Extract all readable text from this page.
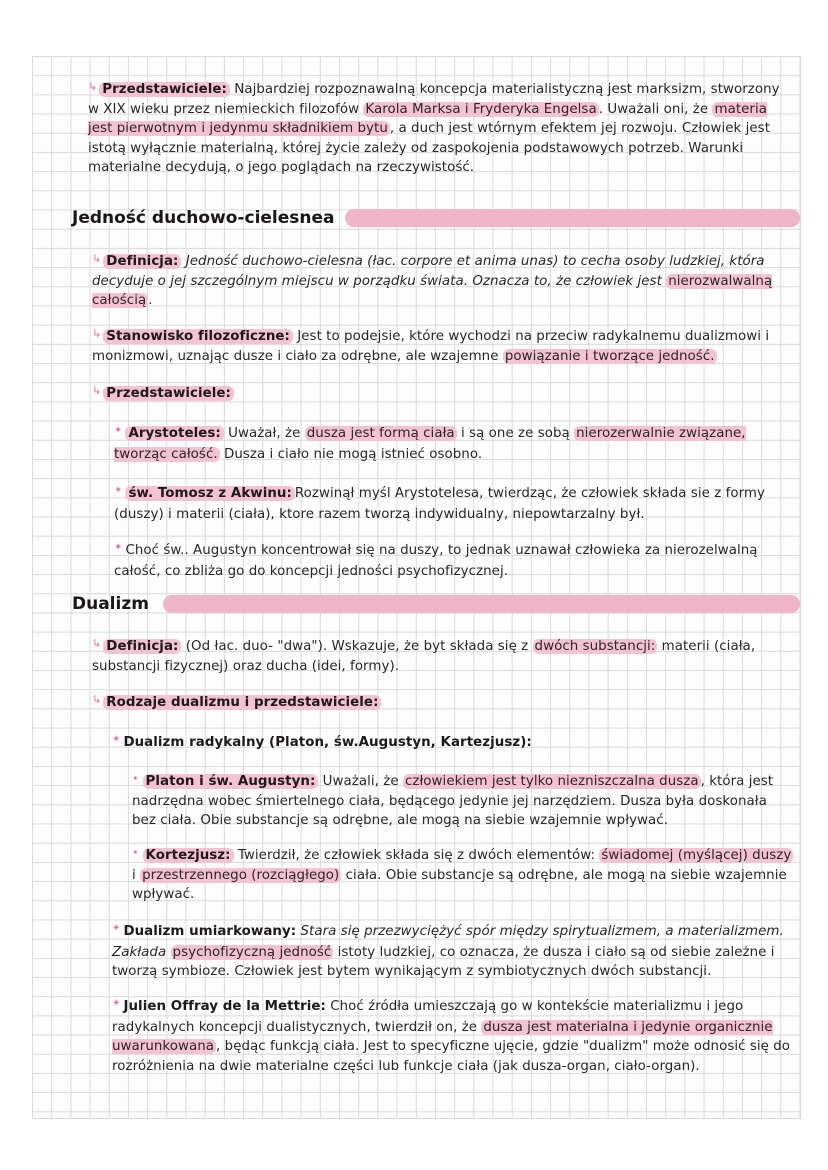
↳ Przedstawiciele: Najbardziej rozpoznawalną koncepcja materialistyczną jest marksizm, stworzony w XIX wieku przez niemieckich filozofów Karola Marksa i Fryderyka Engelsa . Uważali oni, że materia jest pierwotnym i jedynmu składnikiem bytu , a duch jest wtórnym efektem jej rozwoju. Człowiek jest istotą wyłącznie materialną, której życie zależy od zaspokojenia podstawowych potrzeb. Warunki materialne decydują, o jego poglądach na rzeczywistość.

Jedność duchowo-cielesnea

↳ Definicja: Jedność duchowo-cielesna (łac. corpore et anima unas) to cecha osoby ludzkiej, która decyduje o jej szczególnym miejscu w porządku świata. Oznacza to, że człowiek jest nierozwalwalną całością .

↳ Stanowisko filozoficzne: Jest to podejsie, które wychodzi na przeciw radykalnemu dualizmowi i monizmowi, uznając dusze i ciało za odrębne, ale wzajemne powiązanie i tworzące jedność.

↳ Przedstawiciele:

✦ Arystoteles: Uważał, że dusza jest formą ciała i są one ze sobą nierozerwalnie związane, tworząc całość. Dusza i ciało nie mogą istnieć osobno.

✦ św. Tomosz z Akwinu: Rozwinął myśl Arystotelesa, twierdząc, że człowiek składa sie z formy (duszy) i materii (ciała), ktore razem tworzą indywidualny, niepowtarzalny był.

✦ Choć św.. Augustyn koncentrował się na duszy, to jednak uznawał człowieka za nierozelwalną całość, co zbliża go do koncepcji jedności psychofizycznej.

Dualizm

↳ Definicja: (Od łac. duo- "dwa"). Wskazuje, że byt składa się z dwóch substancji: materii (ciała, substancji fizycznej) oraz ducha (idei, formy).

↳ Rodzaje dualizmu i przedstawiciele:

✦ Dualizm radykalny (Platon, św.Augustyn, Kartezjusz):

• Platon i św. Augustyn: Uważali, że człowiekiem jest tylko niezniszczalna dusza , która jest nadrzędna wobec śmiertelnego ciała, będącego jedynie jej narzędziem. Dusza była doskonała bez ciała. Obie substancje są odrębne, ale mogą na siebie wzajemnie wpływać.

• Kortezjusz: Twierdził, że człowiek składa się z dwóch elementów: świadomej (myślącej) duszy i przestrzennego (rozciągłego) ciała. Obie substancje są odrębne, ale mogą na siebie wzajemnie wpływać.

✦ Dualizm umiarkowany: Stara się przezwyciężyć spór między spirytualizmem, a materializmem. Zakłada psychofizyczną jedność istoty ludzkiej, co oznacza, że dusza i ciało są od siebie zależne i tworzą symbioze. Człowiek jest bytem wynikającym z symbiotycznych dwóch substancji.

✦ Julien Offray de la Mettrie: Choć źródła umieszczają go w kontekście materializmu i jego radykalnych koncepcji dualistycznych, twierdził on, że dusza jest materialna i jedynie organicznie uwarunkowana , będąc funkcją ciała. Jest to specyficzne ujęcie, gdzie "dualizm" może odnosić się do rozróżnienia na dwie materialne części lub funkcje ciała (jak dusza-organ, ciało-organ).
